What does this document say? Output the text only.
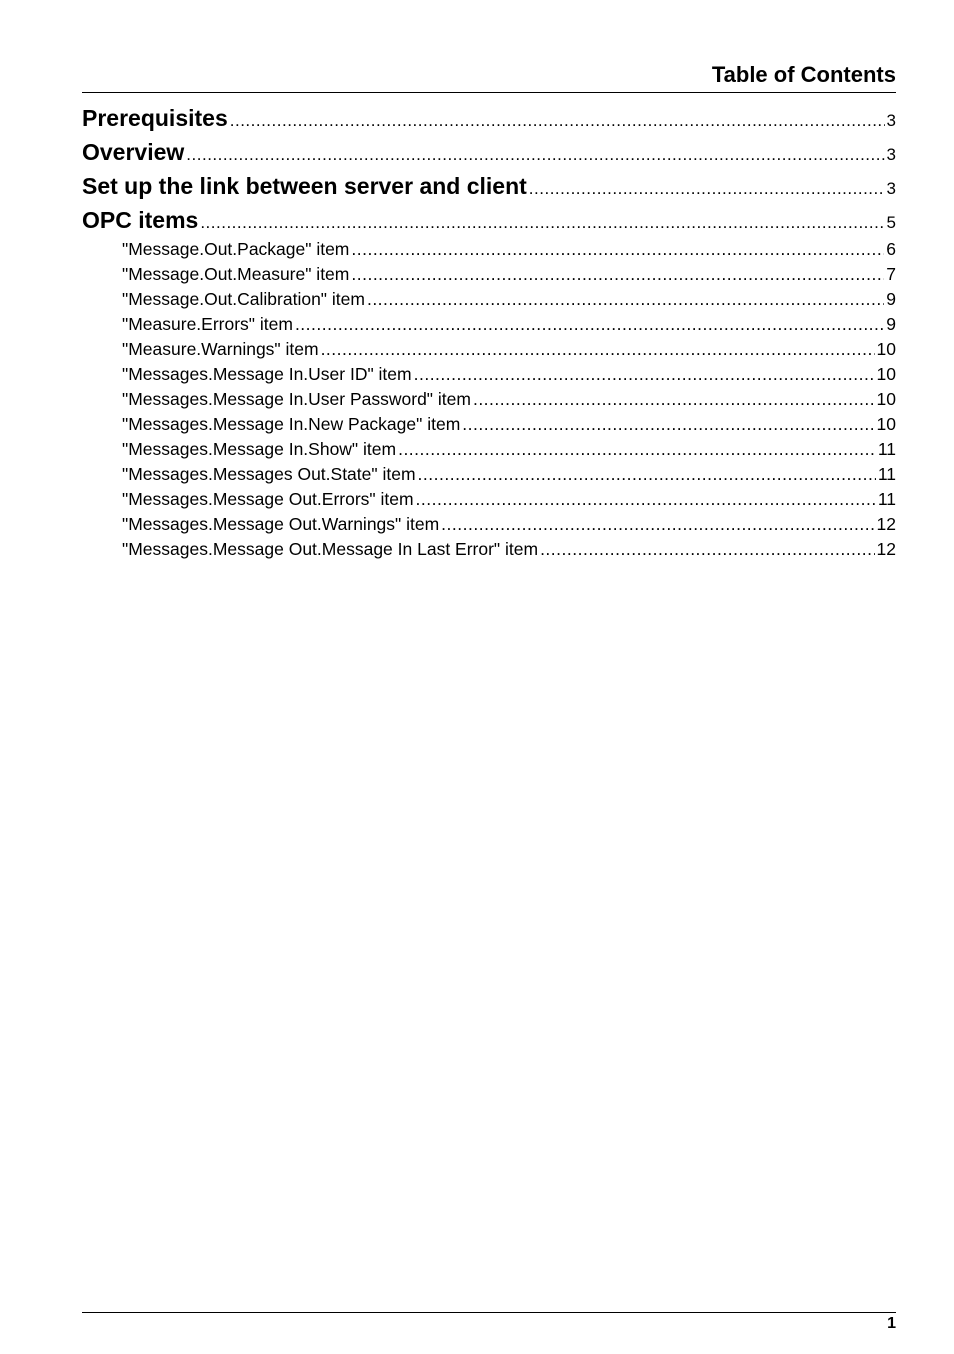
Table of Contents
Prerequisites .....	3
Overview .....	3
Set up the link between server and client .....	3
OPC items .....	5
"Message.Out.Package" item .....	6
"Message.Out.Measure" item .....	7
"Message.Out.Calibration" item .....	9
"Measure.Errors" item .....	9
"Measure.Warnings" item .....	10
"Messages.Message In.User ID" item .....	10
"Messages.Message In.User Password" item .....	10
"Messages.Message In.New Package" item .....	10
"Messages.Message In.Show" item .....	11
"Messages.Messages Out.State" item .....	11
"Messages.Message Out.Errors" item .....	11
"Messages.Message Out.Warnings" item .....	12
"Messages.Message Out.Message In Last Error" item .....	12
1
